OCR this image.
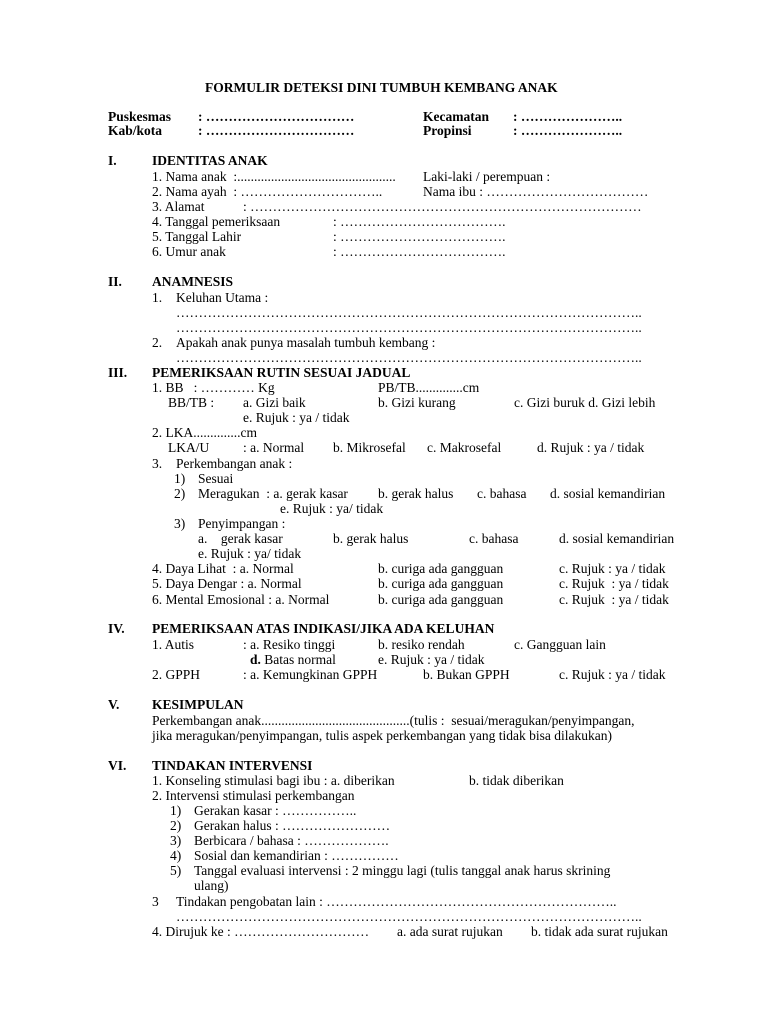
FORMULIR DETEKSI DINI TUMBUH KEMBANG ANAK
Puskesmas : ……………………………	Kecamatan : …………………..
Kab/kota	: ……………………………	Propinsi	: …………………..
I.	IDENTITAS ANAK
1. Nama anak  :............................................... Laki-laki / perempuan :
2. Nama ayah  : …………………………..	Nama ibu : ………………………………
3. Alamat	: ……………………………………………………………………………
4. Tanggal pemeriksaan	: ……………………………….
5. Tanggal Lahir	: ……………………………….
6. Umur anak	: ……………………………….
II. ANAMNESIS
1. Keluhan Utama :
…………………………………………………………………………………………..
…………………………………………………………………………………………..
2. Apakah anak punya masalah tumbuh kembang :
…………………………………………………………………………………………..
III. PEMERIKSAAN RUTIN SESUAI JADUAL
1. BB   : ………… Kg	PB/TB..............cm
BB/TB : a. Gizi baik	b. Gizi kurang	c. Gizi buruk d. Gizi lebih
e. Rujuk : ya / tidak
2. LKA..............cm
LKA/U	: a. Normal b. Mikrosefal c. Makrosefal	d. Rujuk : ya / tidak
3. Perkembangan anak :
1) Sesuai
2) Meragukan  : a. gerak kasar b. gerak halus c. bahasa d. sosial kemandirian
e. Rujuk : ya/ tidak
3) Penyimpangan :
a.    gerak kasar	b. gerak halus	c. bahasa	d. sosial kemandirian
e. Rujuk : ya/ tidak
4. Daya Lihat  : a. Normal	b. curiga ada gangguan	c. Rujuk : ya / tidak
5. Daya Dengar : a. Normal	b. curiga ada gangguan	c. Rujuk  : ya / tidak
6. Mental Emosional : a. Normal	b. curiga ada gangguan	c. Rujuk  : ya / tidak
IV. PEMERIKSAAN ATAS INDIKASI/JIKA ADA KELUHAN
1. Autis	: a. Resiko tinggi	b. resiko rendah	c. Gangguan lain
d. Batas normal	e. Rujuk : ya / tidak
2. GPPH	: a. Kemungkinan GPPH	b. Bukan GPPH	c. Rujuk : ya / tidak
V. KESIMPULAN
Perkembangan anak............................................(tulis :  sesuai/meragukan/penyimpangan,
jika meragukan/penyimpangan, tulis aspek perkembangan yang tidak bisa dilakukan)
VI. TINDAKAN INTERVENSI
1. Konseling stimulasi bagi ibu : a. diberikan	b. tidak diberikan
2. Intervensi stimulasi perkembangan
1) Gerakan kasar : ……………..
2) Gerakan halus : ……………………
3) Berbicara / bahasa : ……………….
4) Sosial dan kemandirian : ……………
5) Tanggal evaluasi intervensi : 2 minggu lagi (tulis tanggal anak harus skrining
ulang)
3 Tindakan pengobatan lain : ………………………………………………………..
…………………………………………………………………………………………..
4. Dirujuk ke : ………………………… a. ada surat rujukan b. tidak ada surat rujukan
